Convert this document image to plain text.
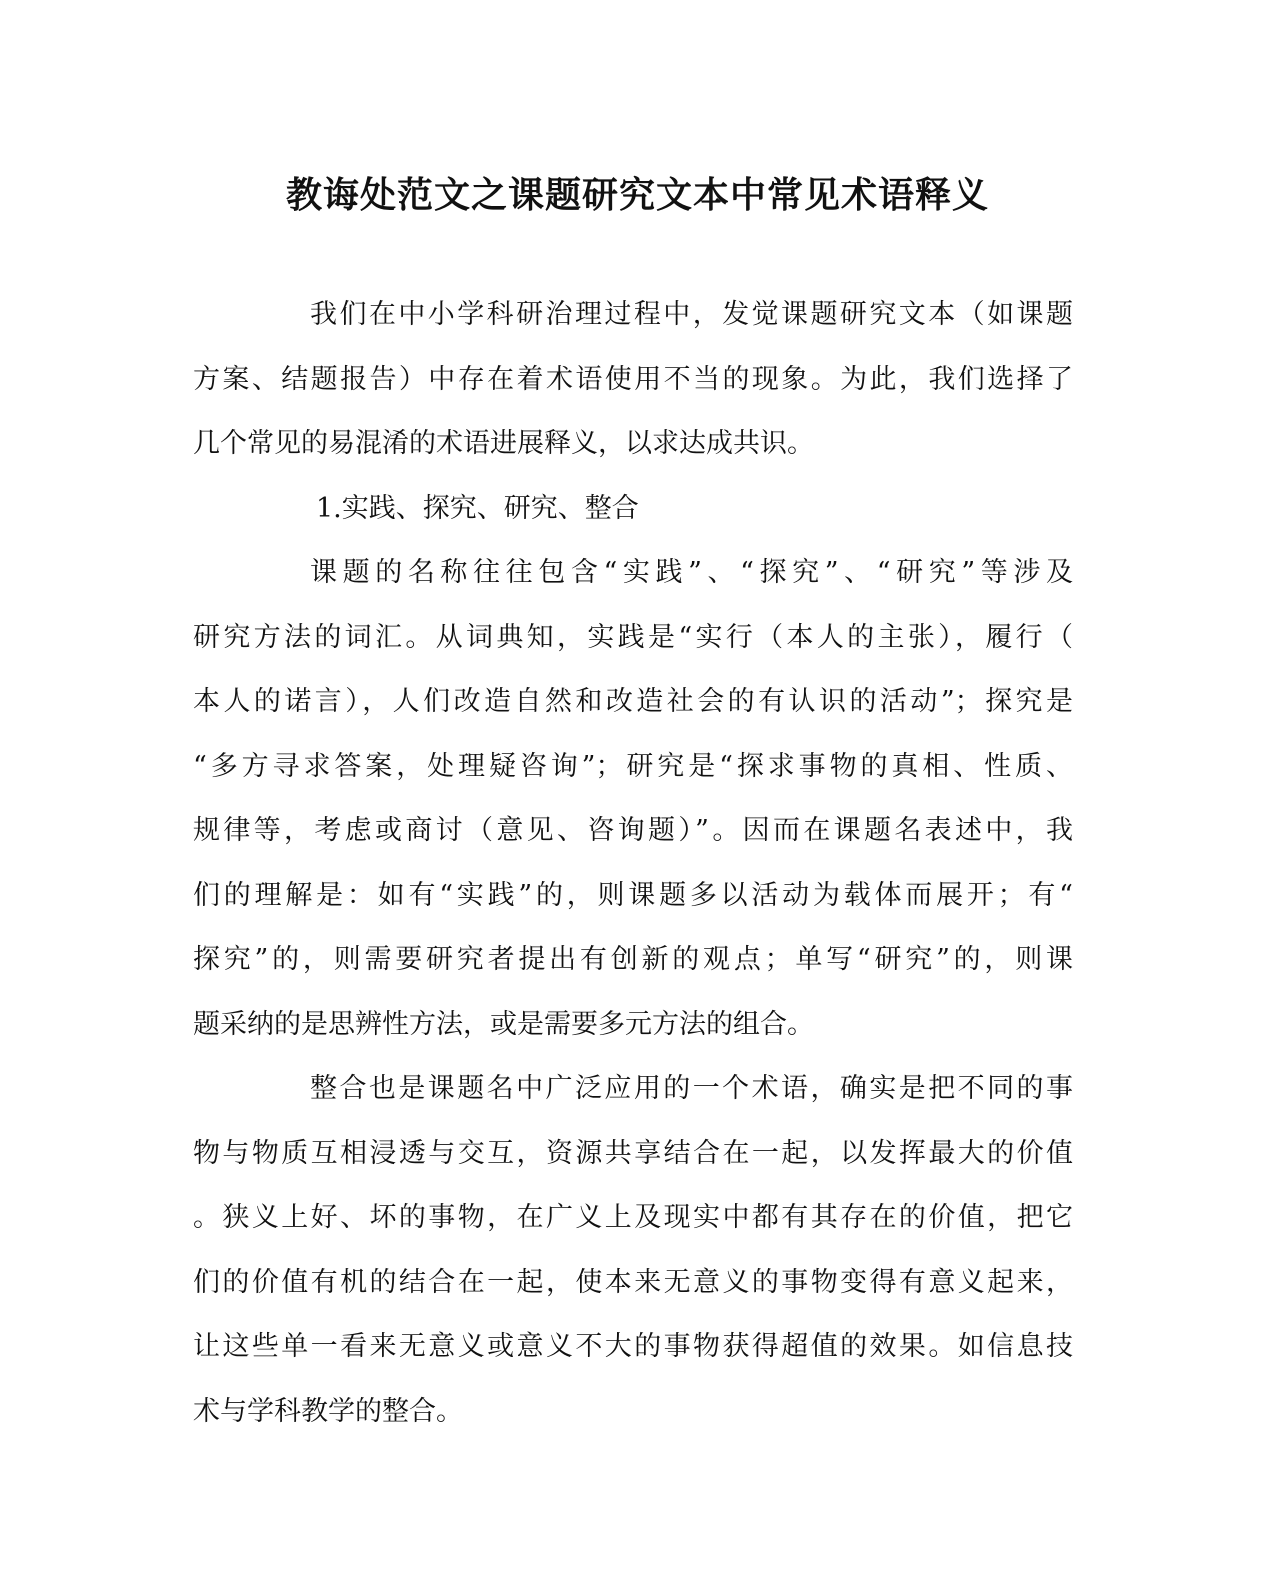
教诲处范文之课题研究文本中常见术语释义
我们在中小学科研治理过程中，发觉课题研究文本（如课题
方案、结题报告）中存在着术语使用不当的现象。为此，我们选择了
几个常见的易混淆的术语进展释义，以求达成共识。
1.实践、探究、研究、整合
课题的名称往往包含“实践”、“探究”、“研究”等涉及
研究方法的词汇。从词典知，实践是“实行（本人的主张），履行（
本人的诺言），人们改造自然和改造社会的有认识的活动”；探究是
“多方寻求答案，处理疑咨询”；研究是“探求事物的真相、性质、
规律等，考虑或商讨（意见、咨询题）”。因而在课题名表述中，我
们的理解是：如有“实践”的，则课题多以活动为载体而展开；有“
探究”的，则需要研究者提出有创新的观点；单写“研究”的，则课
题采纳的是思辨性方法，或是需要多元方法的组合。
整合也是课题名中广泛应用的一个术语，确实是把不同的事
物与物质互相浸透与交互，资源共享结合在一起，以发挥最大的价值
。狭义上好、坏的事物，在广义上及现实中都有其存在的价值，把它
们的价值有机的结合在一起，使本来无意义的事物变得有意义起来，
让这些单一看来无意义或意义不大的事物获得超值的效果。如信息技
术与学科教学的整合。
